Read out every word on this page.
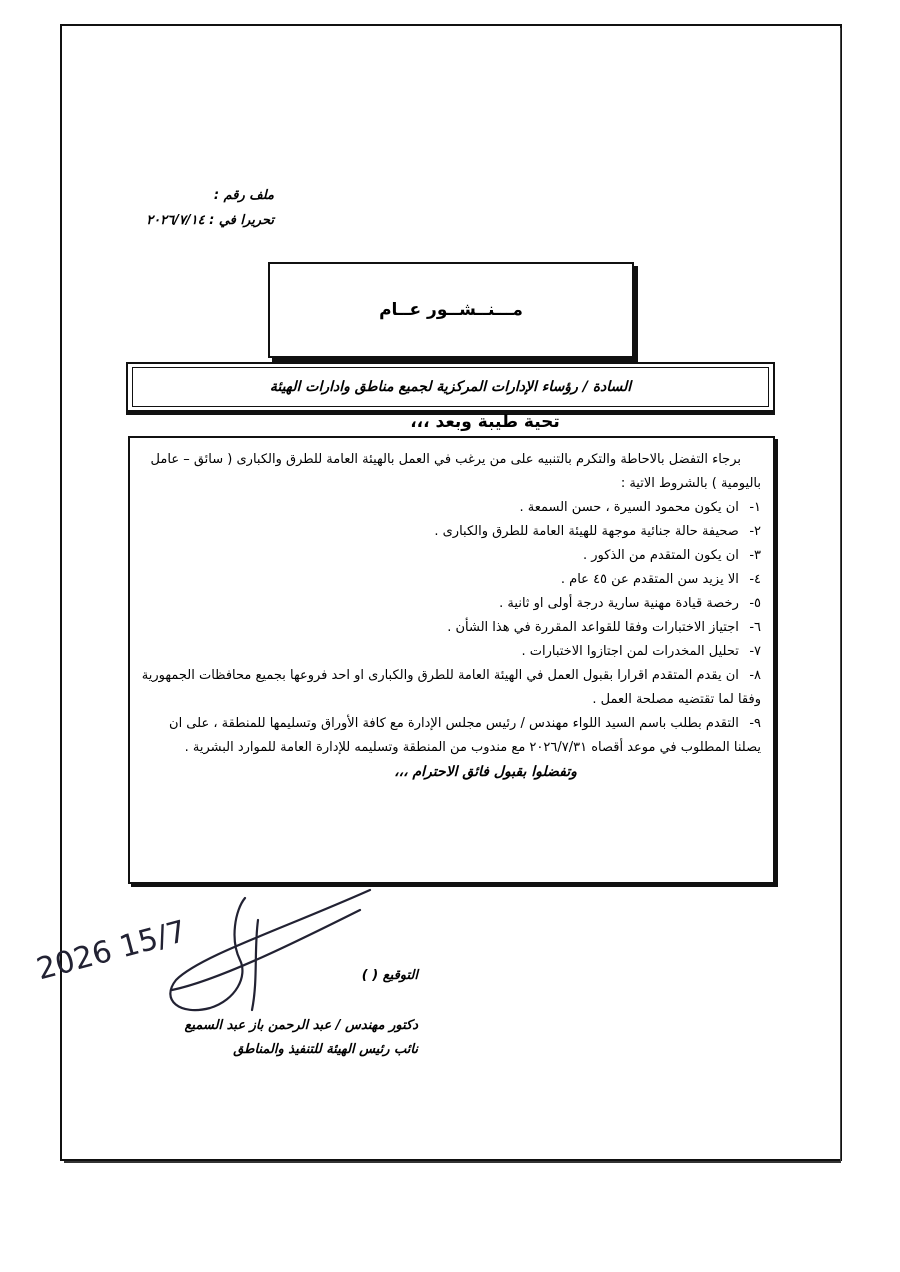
ملف رقم :
تحريرا في : ٢٠٢٦/٧/١٤
مـــنــشــور عــام
السادة / رؤساء الإدارات المركزية لجميع مناطق وادارات الهيئة
تحية طيبة وبعد ،،،

برجاء التفضل بالاحاطة والتكرم بالتنبيه على من يرغب في العمل بالهيئة العامة للطرق والكبارى ( سائق – عامل باليومية ) بالشروط الاتية :

١- ان يكون محمود السيرة ، حسن السمعة .
٢- صحيفة حالة جنائية موجهة للهيئة العامة للطرق والكبارى .
٣- ان يكون المتقدم من الذكور .
٤- الا يزيد سن المتقدم عن ٤٥ عام .
٥- رخصة قيادة مهنية سارية درجة أولى او ثانية .
٦- اجتياز الاختبارات وفقا للقواعد المقررة في هذا الشأن .
٧- تحليل المخدرات لمن اجتازوا الاختبارات .
٨- ان يقدم المتقدم اقرارا بقبول العمل في الهيئة العامة للطرق والكبارى او احد فروعها بجميع محافظات الجمهورية وفقا لما تقتضيه مصلحة العمل .
٩- التقدم بطلب باسم السيد اللواء مهندس / رئيس مجلس الإدارة مع كافة الأوراق وتسليمها للمنطقة ، على ان يصلنا المطلوب في موعد أقصاه ٢٠٢٦/٧/٣١ مع مندوب من المنطقة وتسليمه للإدارة العامة للموارد البشرية .

وتفضلوا بقبول فائق الاحترام ،،،

15/7 2026
التوقيع ( )
دكتور مهندس / عبد الرحمن باز عبد السميع
نائب رئيس الهيئة للتنفيذ والمناطق
